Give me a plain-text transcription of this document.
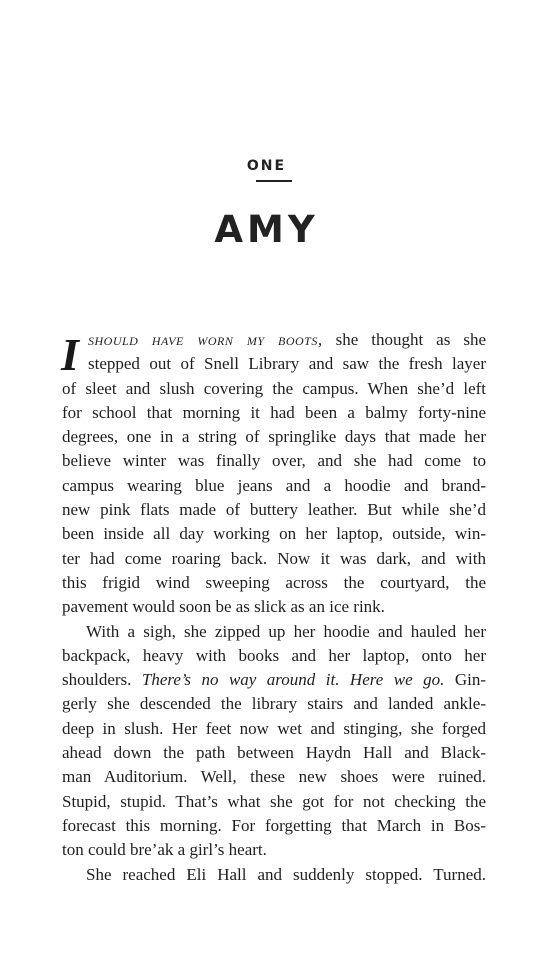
ONE
AMY
I should have worn my boots, she thought as she
stepped out of Snell Library and saw the fresh layer
of sleet and slush covering the campus. When she’d left
for school that morning it had been a balmy forty-nine
degrees, one in a string of springlike days that made her
believe winter was finally over, and she had come to
campus wearing blue jeans and a hoodie and brand-
new pink flats made of buttery leather. But while she’d
been inside all day working on her laptop, outside, win-
ter had come roaring back. Now it was dark, and with
this frigid wind sweeping across the courtyard, the
pavement would soon be as slick as an ice rink.
With a sigh, she zipped up her hoodie and hauled her
backpack, heavy with books and her laptop, onto her
shoulders. There’s no way around it. Here we go. Gin-
gerly she descended the library stairs and landed ankle-
deep in slush. Her feet now wet and stinging, she forged
ahead down the path between Haydn Hall and Black-
man Auditorium. Well, these new shoes were ruined.
Stupid, stupid. That’s what she got for not checking the
forecast this morning. For forgetting that March in Bos-
ton could bre’ak a girl’s heart.
She reached Eli Hall and suddenly stopped. Turned.
